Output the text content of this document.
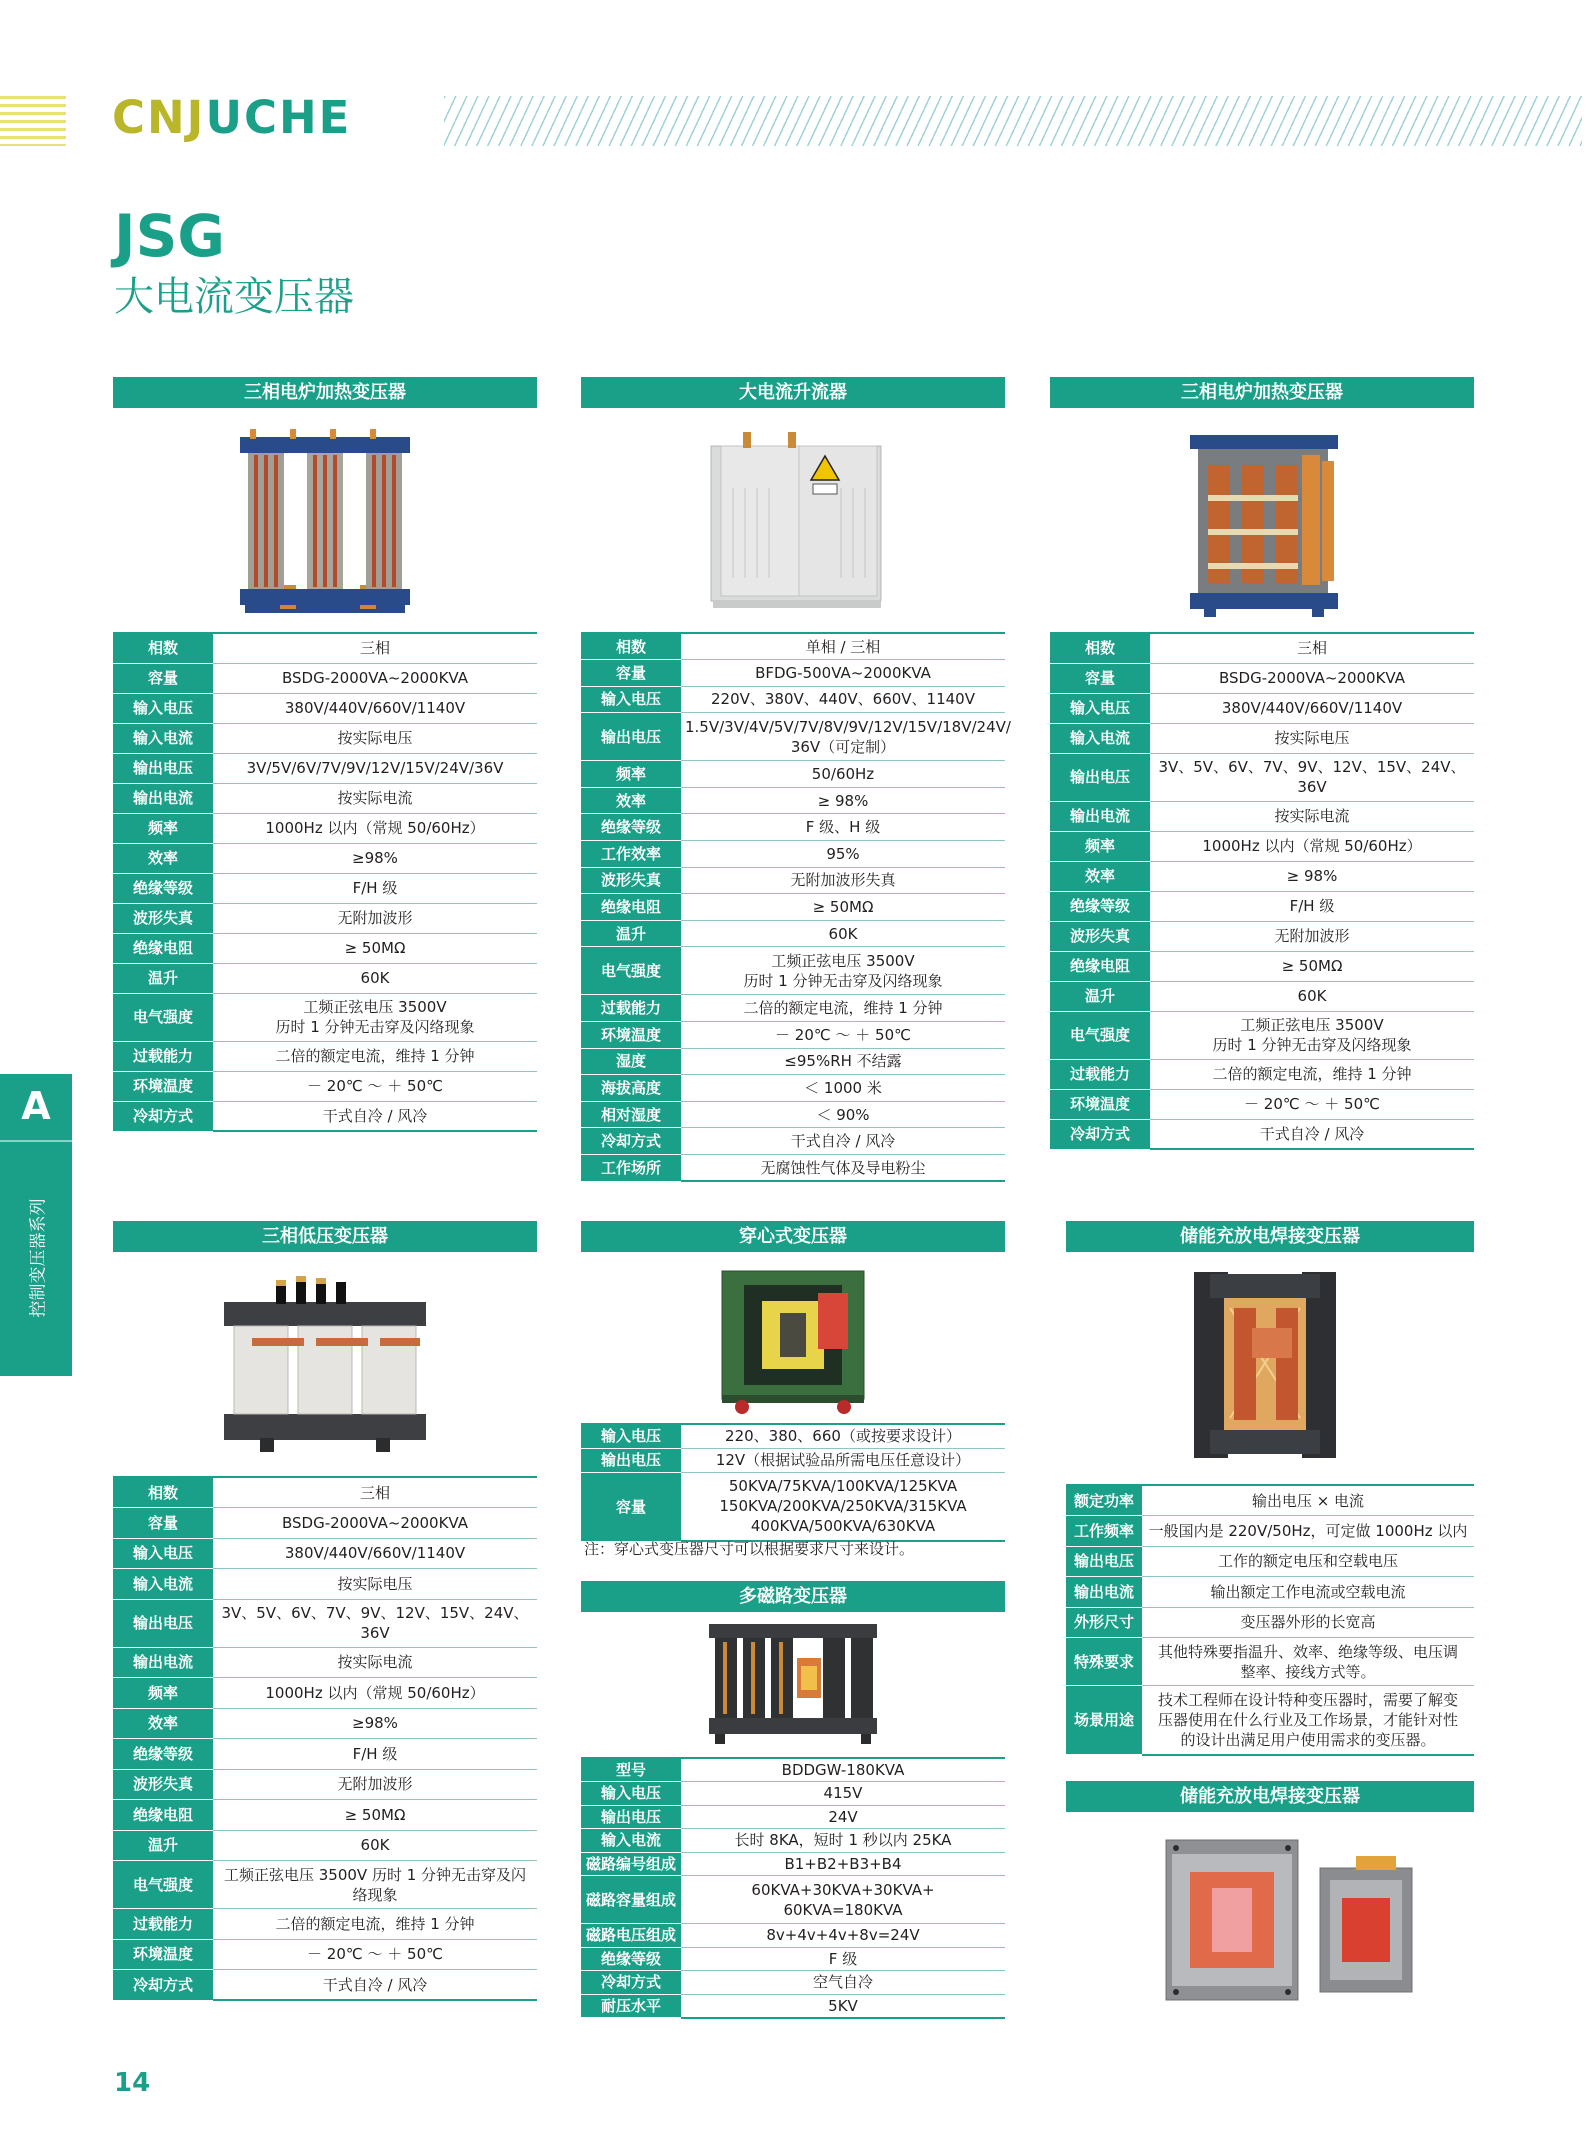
CNJUCHE
JSG
大电流变压器
A
控制变压器系列
三相电炉加热变压器
相数	三相

容量	BSDG-2000VA~2000KVA

输入电压	380V/440V/660V/1140V

输入电流	按实际电压

输出电压	3V/5V/6V/7V/9V/12V/15V/24V/36V

输出电流	按实际电流

频率	1000Hz 以内（常规 50/60Hz）

效率	≥98%

绝缘等级	F/H 级

波形失真	无附加波形

绝缘电阻	≥ 50MΩ

温升	60K

电气强度	工频正弦电压 3500V
历时 1 分钟无击穿及闪络现象

过载能力	二倍的额定电流，维持 1 分钟

环境温度	－ 20℃ ～ ＋ 50℃

冷却方式	干式自冷 / 风冷
大电流升流器
相数	单相 / 三相

容量	BFDG-500VA~2000KVA

输入电压	220V、380V、440V、660V、1140V

输出电压	1.5V/3V/4V/5V/7V/8V/9V/12V/15V/18V/24V/
36V（可定制）

频率	50/60Hz

效率	≥ 98%

绝缘等级	F 级、H 级

工作效率	95%

波形失真	无附加波形失真

绝缘电阻	≥ 50MΩ

温升	60K

电气强度	工频正弦电压 3500V
历时 1 分钟无击穿及闪络现象

过载能力	二倍的额定电流，维持 1 分钟

环境温度	－ 20℃ ～ ＋ 50℃

湿度	≤95%RH 不结露

海拔高度	＜ 1000 米

相对湿度	＜ 90%

冷却方式	干式自冷 / 风冷

工作场所	无腐蚀性气体及导电粉尘
三相电炉加热变压器
相数	三相

容量	BSDG-2000VA~2000KVA

输入电压	380V/440V/660V/1140V

输入电流	按实际电压

输出电压	3V、5V、6V、7V、9V、12V、15V、24V、
36V

输出电流	按实际电流

频率	1000Hz 以内（常规 50/60Hz）

效率	≥ 98%

绝缘等级	F/H 级

波形失真	无附加波形

绝缘电阻	≥ 50MΩ

温升	60K

电气强度	工频正弦电压 3500V
历时 1 分钟无击穿及闪络现象

过载能力	二倍的额定电流，维持 1 分钟

环境温度	－ 20℃ ～ ＋ 50℃

冷却方式	干式自冷 / 风冷
三相低压变压器
相数	三相

容量	BSDG-2000VA~2000KVA

输入电压	380V/440V/660V/1140V

输入电流	按实际电压

输出电压	3V、5V、6V、7V、9V、12V、15V、24V、
36V

输出电流	按实际电流

频率	1000Hz 以内（常规 50/60Hz）

效率	≥98%

绝缘等级	F/H 级

波形失真	无附加波形

绝缘电阻	≥ 50MΩ

温升	60K

电气强度	工频正弦电压 3500V 历时 1 分钟无击穿及闪
络现象

过载能力	二倍的额定电流，维持 1 分钟

环境温度	－ 20℃ ～ ＋ 50℃

冷却方式	干式自冷 / 风冷
穿心式变压器
输入电压	220、380、660（或按要求设计）

输出电压	12V（根据试验品所需电压任意设计）

容量	50KVA/75KVA/100KVA/125KVA
150KVA/200KVA/250KVA/315KVA
400KVA/500KVA/630KVA
注：穿心式变压器尺寸可以根据要求尺寸来设计。
多磁路变压器
型号	BDDGW-180KVA

输入电压	415V

输出电压	24V

输入电流	长时 8KA，短时 1 秒以内 25KA

磁路编号组成	B1+B2+B3+B4

磁路容量组成	60KVA+30KVA+30KVA+
60KVA=180KVA

磁路电压组成	8v+4v+4v+8v=24V

绝缘等级	F 级

冷却方式	空气自冷

耐压水平	5KV
储能充放电焊接变压器
额定功率	输出电压 × 电流

工作频率	一般国内是 220V/50Hz，可定做 1000Hz 以内

输出电压	工作的额定电压和空载电压

输出电流	输出额定工作电流或空载电流

外形尺寸	变压器外形的长宽高

特殊要求	其他特殊要指温升、效率、绝缘等级、电压调
整率、接线方式等。

场景用途	技术工程师在设计特种变压器时，需要了解变
压器使用在什么行业及工作场景，才能针对性
的设计出满足用户使用需求的变压器。
储能充放电焊接变压器
14
